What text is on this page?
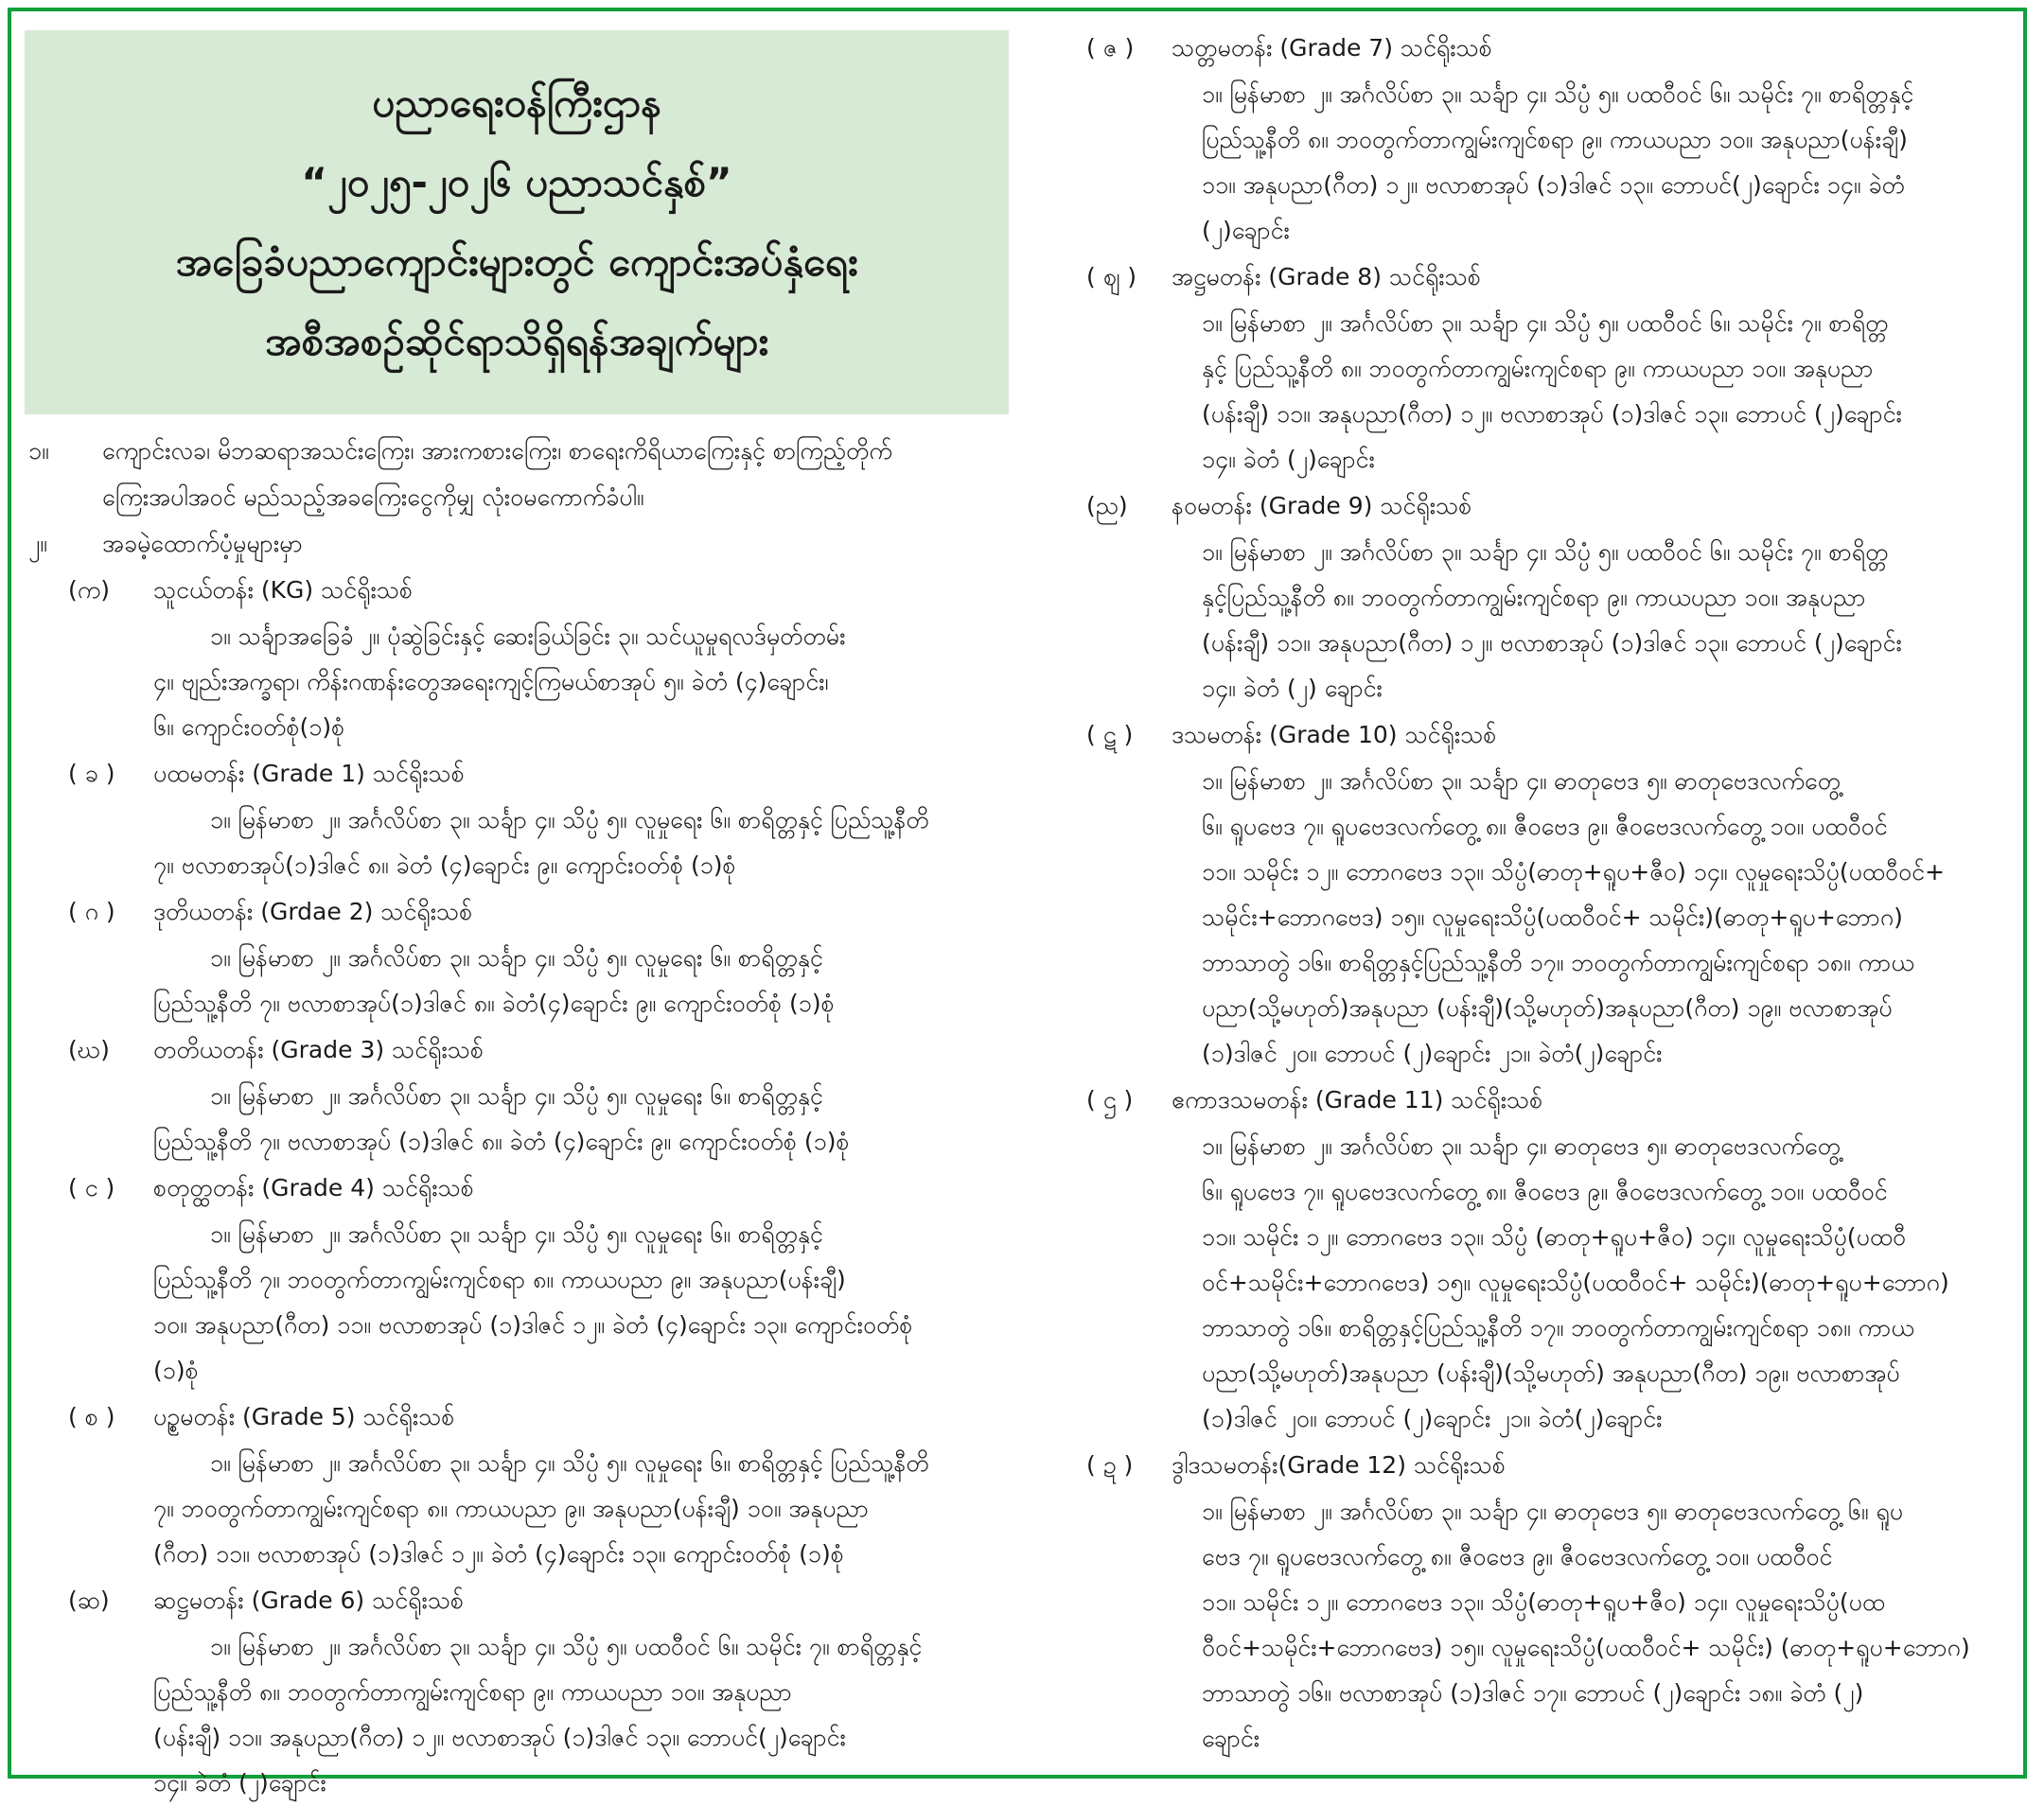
ပညာရေးဝန်ကြီးဌာန
“၂၀၂၅-၂၀၂၆ ပညာသင်နှစ်”
အခြေခံပညာကျောင်းများတွင် ကျောင်းအပ်နှံရေး
အစီအစဉ်ဆိုင်ရာသိရှိရန်အချက်များ
၁။ ကျောင်းလခ၊ မိဘဆရာအသင်းကြေး၊ အားကစားကြေး၊ စာရေးကိရိယာကြေးနှင့် စာကြည့်တိုက်
ကြေးအပါအဝင် မည်သည့်အခကြေးငွေကိုမျှ လုံးဝမကောက်ခံပါ။
၂။ အခမဲ့ထောက်ပံ့မှုများမှာ
(က) သူငယ်တန်း (KG) သင်ရိုးသစ်
၁။ သင်္ချာအခြေခံ ၂။ ပုံဆွဲခြင်းနှင့် ဆေးခြယ်ခြင်း ၃။ သင်ယူမှုရလဒ်မှတ်တမ်း
၄။ ဗျည်းအက္ခရာ၊ ကိန်းဂဏန်းတွေအရေးကျင့်ကြမယ်စာအုပ် ၅။ ခဲတံ (၄)ချောင်း၊
၆။ ကျောင်းဝတ်စုံ(၁)စုံ
( ခ ) ပထမတန်း (Grade 1) သင်ရိုးသစ်
၁။ မြန်မာစာ ၂။ အင်္ဂလိပ်စာ ၃။ သင်္ချာ ၄။ သိပ္ပံ ၅။ လူမှုရေး ၆။ စာရိတ္တနှင့် ပြည်သူ့နီတိ
၇။ ဗလာစာအုပ်(၁)ဒါဇင် ၈။ ခဲတံ (၄)ချောင်း ၉။ ကျောင်းဝတ်စုံ (၁)စုံ
( ဂ ) ဒုတိယတန်း (Grdae 2) သင်ရိုးသစ်
၁။ မြန်မာစာ ၂။ အင်္ဂလိပ်စာ ၃။ သင်္ချာ ၄။ သိပ္ပံ ၅။ လူမှုရေး ၆။ စာရိတ္တနှင့်
ပြည်သူ့နီတိ ၇။ ဗလာစာအုပ်(၁)ဒါဇင် ၈။ ခဲတံ(၄)ချောင်း ၉။ ကျောင်းဝတ်စုံ (၁)စုံ
(ဃ) တတိယတန်း (Grade 3) သင်ရိုးသစ်
၁။ မြန်မာစာ ၂။ အင်္ဂလိပ်စာ ၃။ သင်္ချာ ၄။ သိပ္ပံ ၅။ လူမှုရေး ၆။ စာရိတ္တနှင့်
ပြည်သူ့နီတိ ၇။ ဗလာစာအုပ် (၁)ဒါဇင် ၈။ ခဲတံ (၄)ချောင်း ၉။ ကျောင်းဝတ်စုံ (၁)စုံ
( င ) စတုတ္ထတန်း (Grade 4) သင်ရိုးသစ်
၁။ မြန်မာစာ ၂။ အင်္ဂလိပ်စာ ၃။ သင်္ချာ ၄။ သိပ္ပံ ၅။ လူမှုရေး ၆။ စာရိတ္တနှင့်
ပြည်သူ့နီတိ ၇။ ဘဝတွက်တာကျွမ်းကျင်စရာ ၈။ ကာယပညာ ၉။ အနုပညာ(ပန်းချီ)
၁၀။ အနုပညာ(ဂီတ) ၁၁။ ဗလာစာအုပ် (၁)ဒါဇင် ၁၂။ ခဲတံ (၄)ချောင်း ၁၃။ ကျောင်းဝတ်စုံ
(၁)စုံ
( စ ) ပဉ္စမတန်း (Grade 5) သင်ရိုးသစ်
၁။ မြန်မာစာ ၂။ အင်္ဂလိပ်စာ ၃။ သင်္ချာ ၄။ သိပ္ပံ ၅။ လူမှုရေး ၆။ စာရိတ္တနှင့် ပြည်သူ့နီတိ
၇။ ဘဝတွက်တာကျွမ်းကျင်စရာ ၈။ ကာယပညာ ၉။ အနုပညာ(ပန်းချီ) ၁၀။ အနုပညာ
(ဂီတ) ၁၁။ ဗလာစာအုပ် (၁)ဒါဇင် ၁၂။ ခဲတံ (၄)ချောင်း ၁၃။ ကျောင်းဝတ်စုံ (၁)စုံ
(ဆ) ဆဋ္ဌမတန်း (Grade 6) သင်ရိုးသစ်
၁။ မြန်မာစာ ၂။ အင်္ဂလိပ်စာ ၃။ သင်္ချာ ၄။ သိပ္ပံ ၅။ ပထဝီဝင် ၆။ သမိုင်း ၇။ စာရိတ္တနှင့်
ပြည်သူ့နီတိ ၈။ ဘဝတွက်တာကျွမ်းကျင်စရာ ၉။ ကာယပညာ ၁၀။ အနုပညာ
(ပန်းချီ) ၁၁။ အနုပညာ(ဂီတ) ၁၂။ ဗလာစာအုပ် (၁)ဒါဇင် ၁၃။ ဘောပင်(၂)ချောင်း
၁၄။ ခဲတံ (၂)ချောင်း
( ဇ ) သတ္တမတန်း (Grade 7) သင်ရိုးသစ်
၁။ မြန်မာစာ ၂။ အင်္ဂလိပ်စာ ၃။ သင်္ချာ ၄။ သိပ္ပံ ၅။ ပထဝီဝင် ၆။ သမိုင်း ၇။ စာရိတ္တနှင့်
ပြည်သူ့နီတိ ၈။ ဘဝတွက်တာကျွမ်းကျင်စရာ ၉။ ကာယပညာ ၁၀။ အနုပညာ(ပန်းချီ)
၁၁။ အနုပညာ(ဂီတ) ၁၂။ ဗလာစာအုပ် (၁)ဒါဇင် ၁၃။ ဘောပင်(၂)ချောင်း ၁၄။ ခဲတံ
(၂)ချောင်း
( ဈ ) အဋ္ဌမတန်း (Grade 8) သင်ရိုးသစ်
၁။ မြန်မာစာ ၂။ အင်္ဂလိပ်စာ ၃။ သင်္ချာ ၄။ သိပ္ပံ ၅။ ပထဝီဝင် ၆။ သမိုင်း ၇။ စာရိတ္တ
နှင့် ပြည်သူ့နီတိ ၈။ ဘဝတွက်တာကျွမ်းကျင်စရာ ၉။ ကာယပညာ ၁၀။ အနုပညာ
(ပန်းချီ) ၁၁။ အနုပညာ(ဂီတ) ၁၂။ ဗလာစာအုပ် (၁)ဒါဇင် ၁၃။ ဘောပင် (၂)ချောင်း
၁၄။ ခဲတံ (၂)ချောင်း
(ည) နဝမတန်း (Grade 9) သင်ရိုးသစ်
၁။ မြန်မာစာ ၂။ အင်္ဂလိပ်စာ ၃။ သင်္ချာ ၄။ သိပ္ပံ ၅။ ပထဝီဝင် ၆။ သမိုင်း ၇။ စာရိတ္တ
နှင့်ပြည်သူ့နီတိ ၈။ ဘဝတွက်တာကျွမ်းကျင်စရာ ၉။ ကာယပညာ ၁၀။ အနုပညာ
(ပန်းချီ) ၁၁။ အနုပညာ(ဂီတ) ၁၂။ ဗလာစာအုပ် (၁)ဒါဇင် ၁၃။ ဘောပင် (၂)ချောင်း
၁၄။ ခဲတံ (၂) ချောင်း
( ဋ ) ဒသမတန်း (Grade 10) သင်ရိုးသစ်
၁။ မြန်မာစာ ၂။ အင်္ဂလိပ်စာ ၃။ သင်္ချာ ၄။ ဓာတုဗေဒ ၅။ ဓာတုဗေဒလက်တွေ့
၆။ ရူပဗေဒ ၇။ ရူပဗေဒလက်တွေ့ ၈။ ဇီဝဗေဒ ၉။ ဇီဝဗေဒလက်တွေ့ ၁၀။ ပထဝီဝင်
၁၁။ သမိုင်း ၁၂။ ဘောဂဗေဒ ၁၃။ သိပ္ပံ(ဓာတု+ရူပ+ဇီဝ) ၁၄။ လူမှုရေးသိပ္ပံ(ပထဝီဝင်+
သမိုင်း+ဘောဂဗေဒ) ၁၅။ လူမှုရေးသိပ္ပံ(ပထဝီဝင်+ သမိုင်း)(ဓာတု+ရူပ+ဘောဂ)
ဘာသာတွဲ ၁၆။ စာရိတ္တနှင့်ပြည်သူ့နီတိ ၁၇။ ဘဝတွက်တာကျွမ်းကျင်စရာ ၁၈။ ကာယ
ပညာ(သို့မဟုတ်)အနုပညာ (ပန်းချီ)(သို့မဟုတ်)အနုပညာ(ဂီတ) ၁၉။ ဗလာစာအုပ်
(၁)ဒါဇင် ၂၀။ ဘောပင် (၂)ချောင်း ၂၁။ ခဲတံ(၂)ချောင်း
( ဌ ) ဧကာဒသမတန်း (Grade 11) သင်ရိုးသစ်
၁။ မြန်မာစာ ၂။ အင်္ဂလိပ်စာ ၃။ သင်္ချာ ၄။ ဓာတုဗေဒ ၅။ ဓာတုဗေဒလက်တွေ့
၆။ ရူပဗေဒ ၇။ ရူပဗေဒလက်တွေ့ ၈။ ဇီဝဗေဒ ၉။ ဇီဝဗေဒလက်တွေ့ ၁၀။ ပထဝီဝင်
၁၁။ သမိုင်း ၁၂။ ဘောဂဗေဒ ၁၃။ သိပ္ပံ (ဓာတု+ရူပ+ဇီဝ) ၁၄။ လူမှုရေးသိပ္ပံ(ပထဝီ
ဝင်+သမိုင်း+ဘောဂဗေဒ) ၁၅။ လူမှုရေးသိပ္ပံ(ပထဝီဝင်+ သမိုင်း)(ဓာတု+ရူပ+ဘောဂ)
ဘာသာတွဲ ၁၆။ စာရိတ္တနှင့်ပြည်သူ့နီတိ ၁၇။ ဘဝတွက်တာကျွမ်းကျင်စရာ ၁၈။ ကာယ
ပညာ(သို့မဟုတ်)အနုပညာ (ပန်းချီ)(သို့မဟုတ်) အနုပညာ(ဂီတ) ၁၉။ ဗလာစာအုပ်
(၁)ဒါဇင် ၂၀။ ဘောပင် (၂)ချောင်း ၂၁။ ခဲတံ(၂)ချောင်း
( ဍ ) ဒွါဒသမတန်း(Grade 12) သင်ရိုးသစ်
၁။ မြန်မာစာ ၂။ အင်္ဂလိပ်စာ ၃။ သင်္ချာ ၄။ ဓာတုဗေဒ ၅။ ဓာတုဗေဒလက်တွေ့ ၆။ ရူပ
ဗေဒ ၇။ ရူပဗေဒလက်တွေ့ ၈။ ဇီဝဗေဒ ၉။ ဇီဝဗေဒလက်တွေ့ ၁၀။ ပထဝီဝင်
၁၁။ သမိုင်း ၁၂။ ဘောဂဗေဒ ၁၃။ သိပ္ပံ(ဓာတု+ရူပ+ဇီဝ) ၁၄။ လူမှုရေးသိပ္ပံ(ပထ
ဝီဝင်+သမိုင်း+ဘောဂဗေဒ) ၁၅။ လူမှုရေးသိပ္ပံ(ပထဝီဝင်+ သမိုင်း) (ဓာတု+ရူပ+ဘောဂ)
ဘာသာတွဲ ၁၆။ ဗလာစာအုပ် (၁)ဒါဇင် ၁၇။ ဘောပင် (၂)ချောင်း ၁၈။ ခဲတံ (၂)
ချောင်း
